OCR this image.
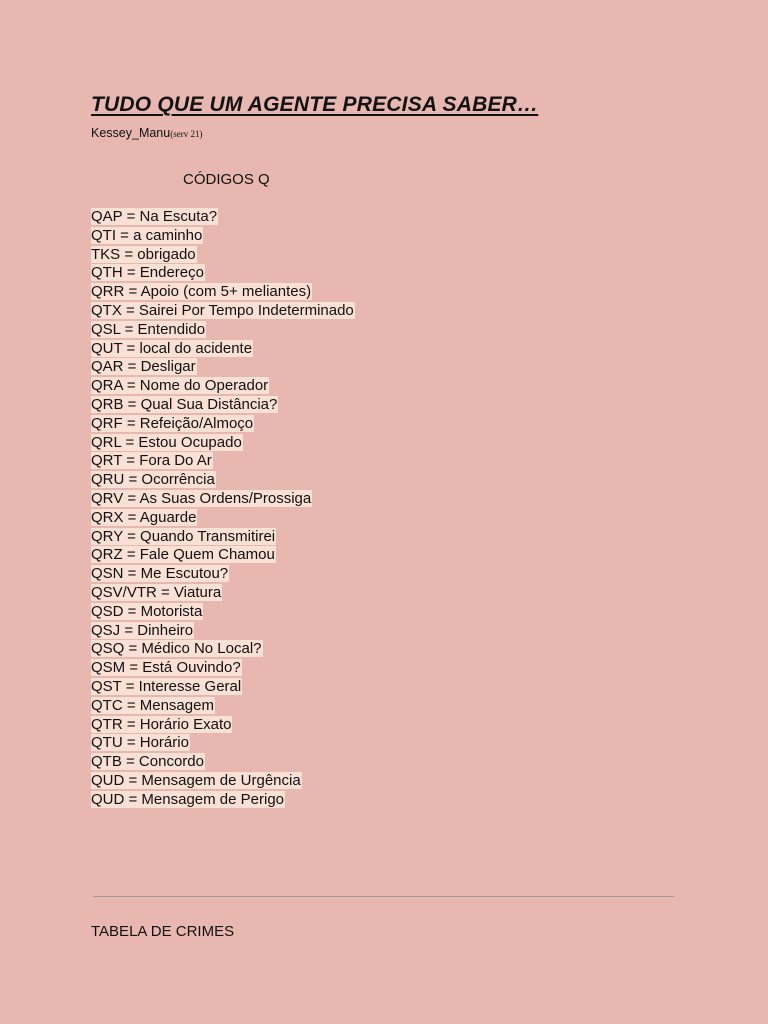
TUDO QUE UM AGENTE PRECISA SABER…
Kessey_Manu(serv 21)
CÓDIGOS Q
QAP = Na Escuta?
QTI = a caminho
TKS = obrigado
QTH = Endereço
QRR = Apoio (com 5+ meliantes)
QTX = Sairei Por Tempo Indeterminado
QSL = Entendido
QUT = local do acidente
QAR = Desligar
QRA = Nome do Operador
QRB = Qual Sua Distância?
QRF = Refeição/Almoço
QRL = Estou Ocupado
QRT = Fora Do Ar
QRU = Ocorrência
QRV = As Suas Ordens/Prossiga
QRX = Aguarde
QRY = Quando Transmitirei
QRZ = Fale Quem Chamou
QSN = Me Escutou?
QSV/VTR = Viatura
QSD = Motorista
QSJ = Dinheiro
QSQ = Médico No Local?
QSM = Está Ouvindo?
QST = Interesse Geral
QTC = Mensagem
QTR = Horário Exato
QTU = Horário
QTB = Concordo
QUD = Mensagem de Urgência
QUD = Mensagem de Perigo
TABELA DE CRIMES
